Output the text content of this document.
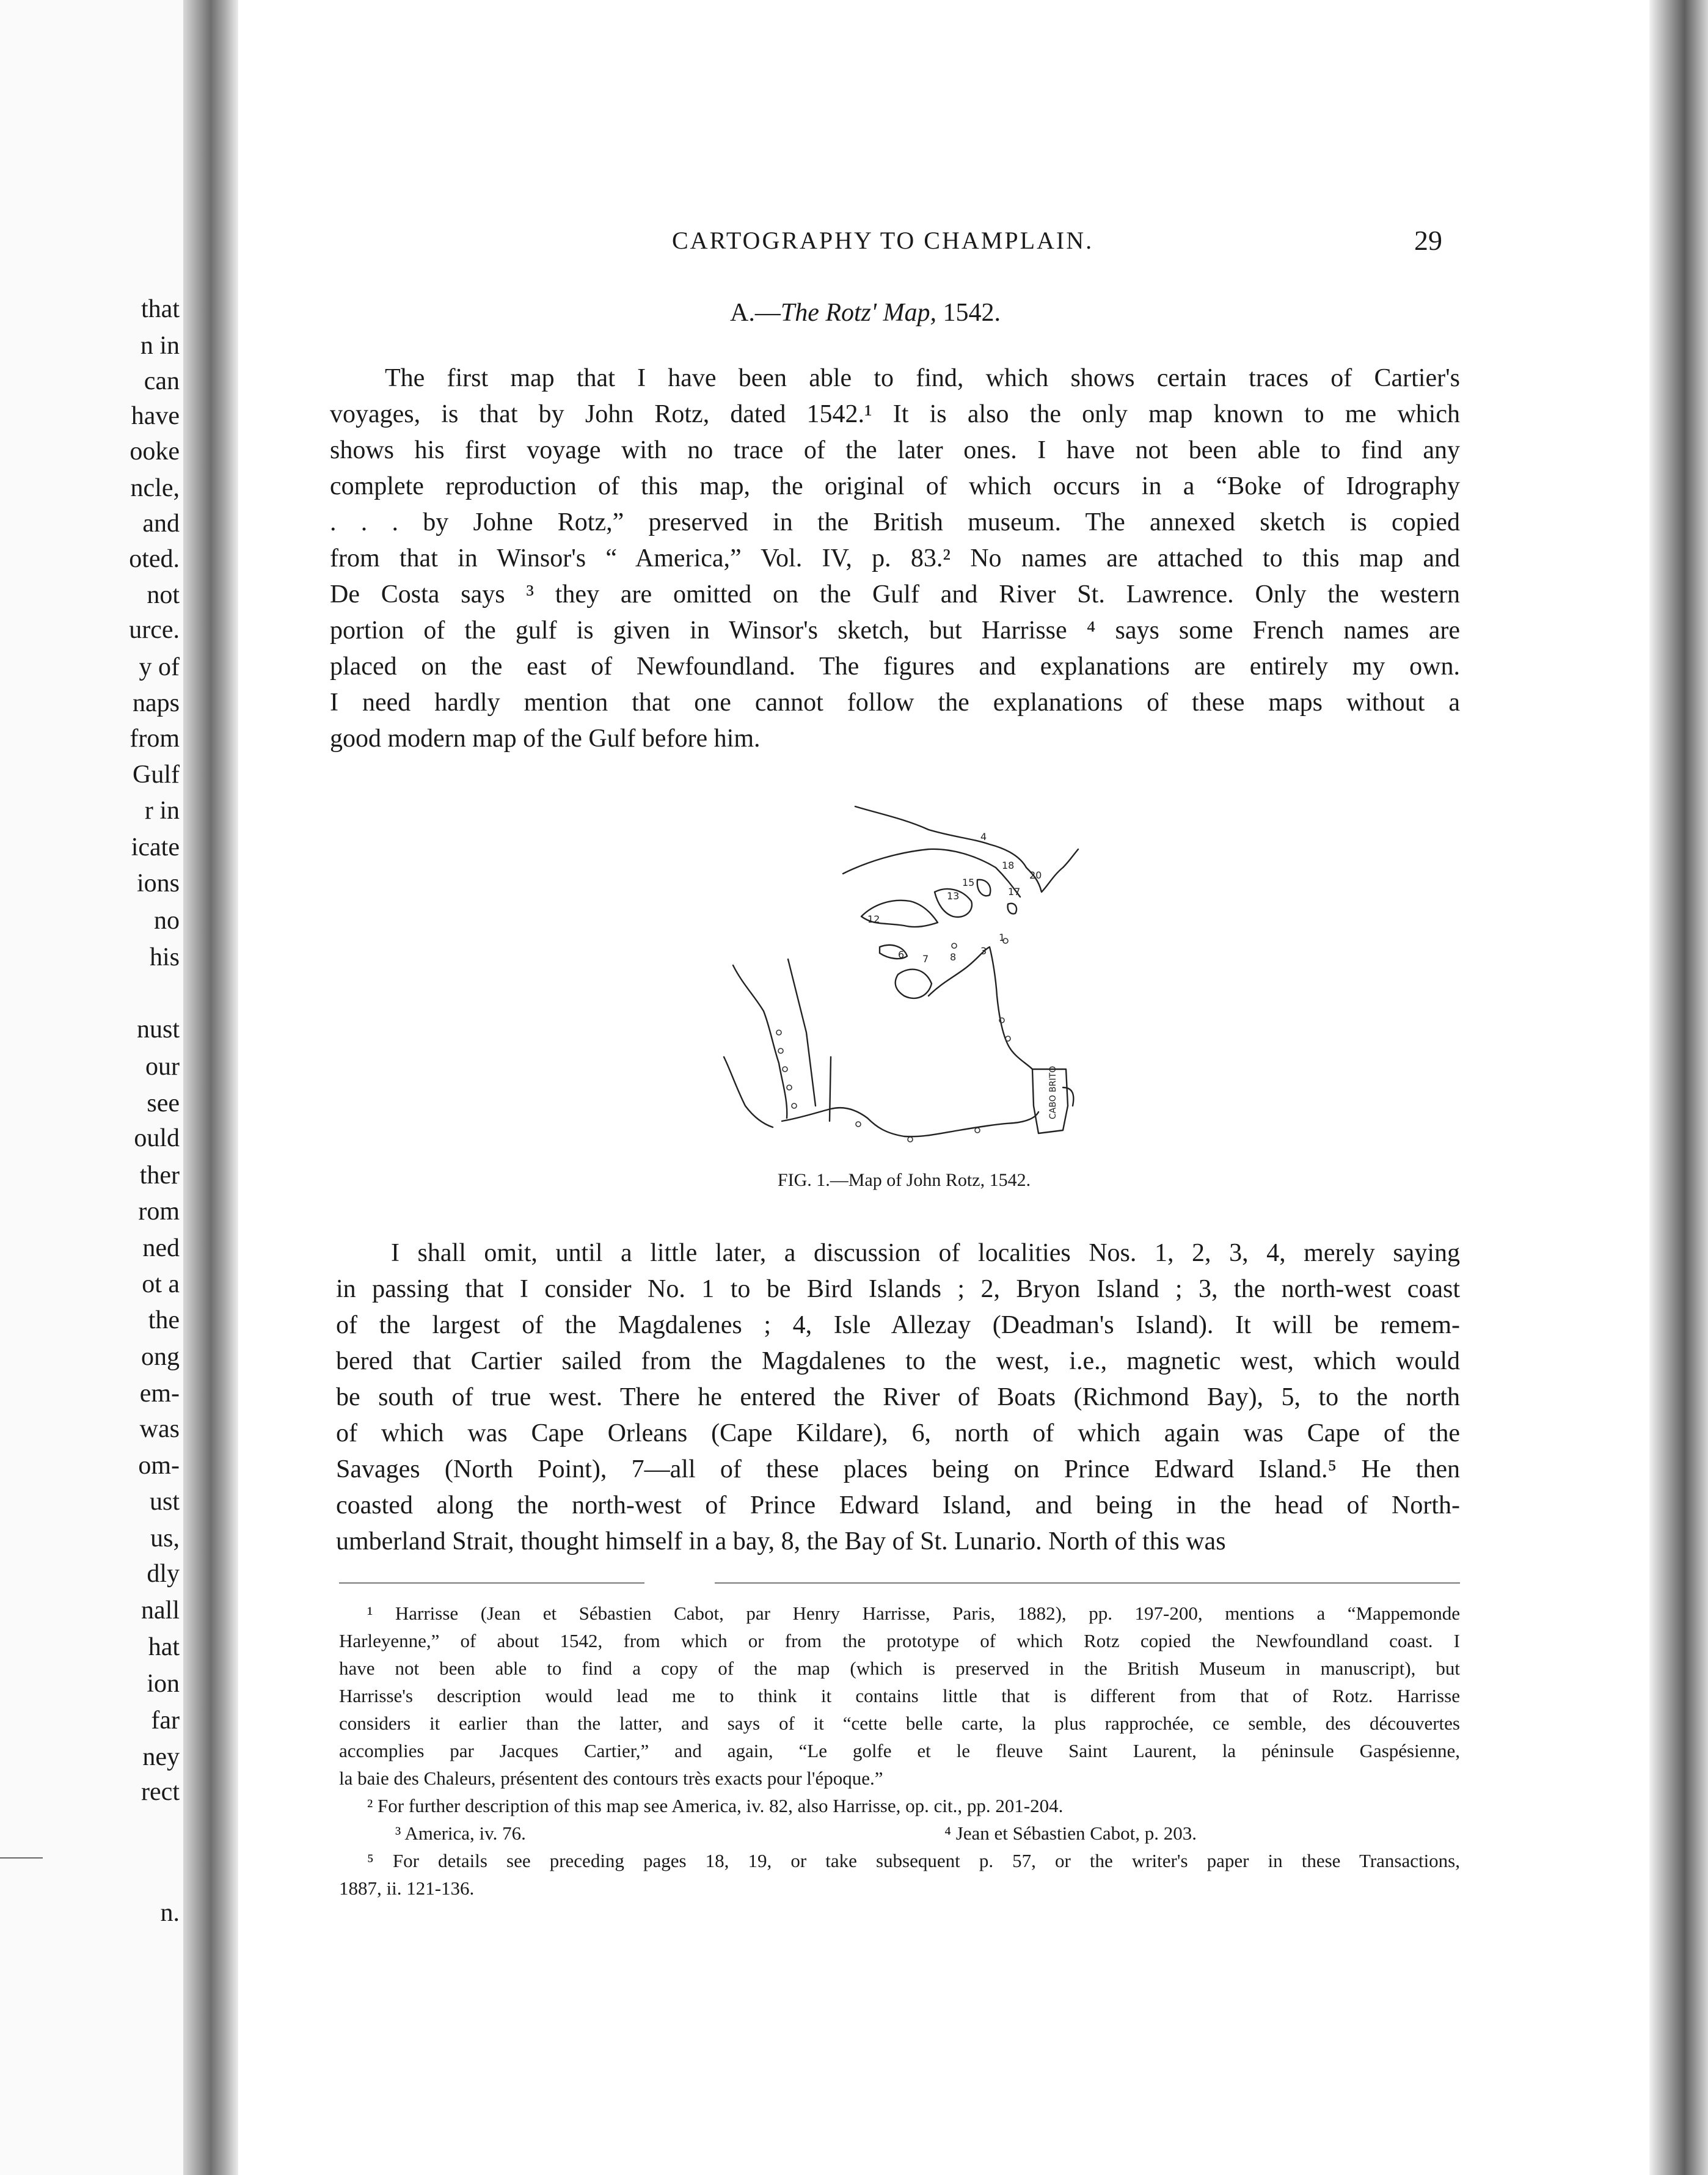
that
n in
can
have
ooke
ncle,
and
oted.
not
urce.
y of
naps
from
Gulf
r in
icate
ions
no
his
nust
our
see
ould
ther
rom
ned
ot a
the
ong
em-
was
om-
ust
us,
dly
nall
hat
ion
far
ney
rect
n.
CARTOGRAPHY TO CHAMPLAIN.	29
A.—The Rotz' Map, 1542.
The first map that I have been able to find, which shows certain traces of Cartier's
voyages, is that by John Rotz, dated 1542.¹ It is also the only map known to me which
shows his first voyage with no trace of the later ones. I have not been able to find any
complete reproduction of this map, the original of which occurs in a “Boke of Idrography
. . . by Johne Rotz,” preserved in the British museum. The annexed sketch is copied
from that in Winsor's “ America,” Vol. IV, p. 83.² No names are attached to this map and
De Costa says ³ they are omitted on the Gulf and River St. Lawrence. Only the western
portion of the gulf is given in Winsor's sketch, but Harrisse ⁴ says some French names are
placed on the east of Newfoundland. The figures and explanations are entirely my own.
I need hardly mention that one cannot follow the explanations of these maps without a
good modern map of the Gulf before him.
4
18
20
15
17
13
12
6 7 8
3
1
CABO BRITO
FIG. 1.—Map of John Rotz, 1542.
I shall omit, until a little later, a discussion of localities Nos. 1, 2, 3, 4, merely saying
in passing that I consider No. 1 to be Bird Islands ; 2, Bryon Island ; 3, the north-west coast
of the largest of the Magdalenes ; 4, Isle Allezay (Deadman's Island). It will be remem-
bered that Cartier sailed from the Magdalenes to the west, i.e., magnetic west, which would
be south of true west. There he entered the River of Boats (Richmond Bay), 5, to the north
of which was Cape Orleans (Cape Kildare), 6, north of which again was Cape of the
Savages (North Point), 7—all of these places being on Prince Edward Island.⁵ He then
coasted along the north-west of Prince Edward Island, and being in the head of North-
umberland Strait, thought himself in a bay, 8, the Bay of St. Lunario. North of this was
¹ Harrisse (Jean et Sébastien Cabot, par Henry Harrisse, Paris, 1882), pp. 197-200, mentions a “Mappemonde
Harleyenne,” of about 1542, from which or from the prototype of which Rotz copied the Newfoundland coast. I
have not been able to find a copy of the map (which is preserved in the British Museum in manuscript), but
Harrisse's description would lead me to think it contains little that is different from that of Rotz. Harrisse
considers it earlier than the latter, and says of it “cette belle carte, la plus rapprochée, ce semble, des découvertes
accomplies par Jacques Cartier,” and again, “Le golfe et le fleuve Saint Laurent, la péninsule Gaspésienne,
la baie des Chaleurs, présentent des contours très exacts pour l'époque.”
² For further description of this map see America, iv. 82, also Harrisse, op. cit., pp. 201-204.
³ America, iv. 76.	⁴ Jean et Sébastien Cabot, p. 203.
⁵ For details see preceding pages 18, 19, or take subsequent p. 57, or the writer's paper in these Transactions,
1887, ii. 121-136.
